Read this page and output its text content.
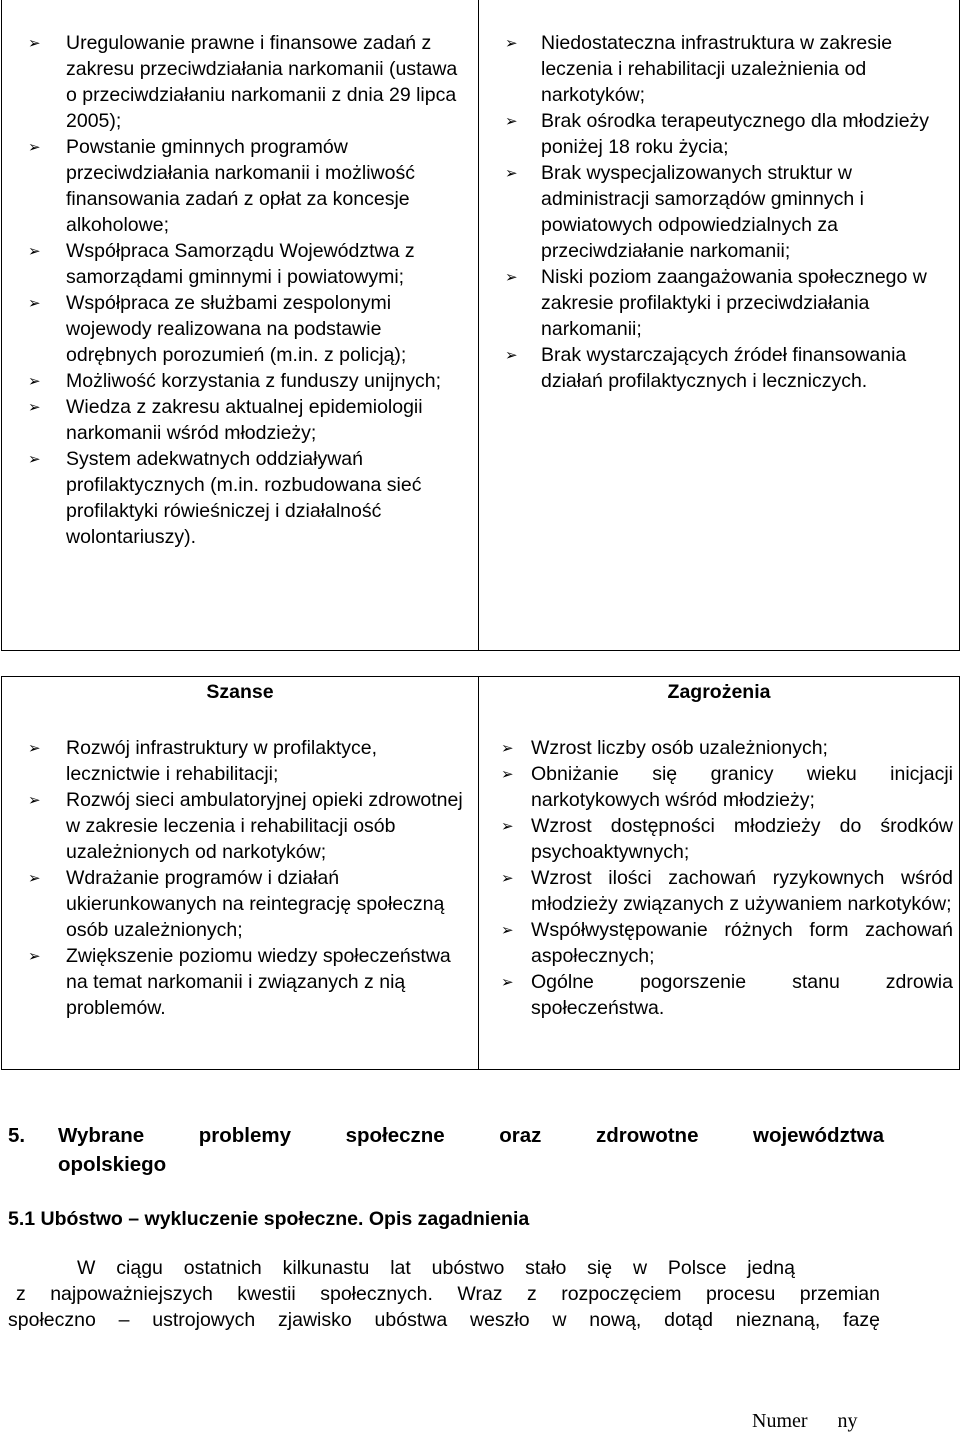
➢ Uregulowanie prawne i finansowe zadań z zakresu przeciwdziałania narkomanii (ustawa o przeciwdziałaniu narkomanii z dnia 29 lipca 2005);
➢ Powstanie gminnych programów przeciwdziałania narkomanii i możliwość finansowania zadań z opłat za koncesje alkoholowe;
➢ Współpraca Samorządu Województwa z samorządami gminnymi i powiatowymi;
➢ Współpraca ze służbami zespolonymi wojewody realizowana na podstawie odrębnych porozumień (m.in. z policją);
➢ Możliwość korzystania z funduszy unijnych;
➢ Wiedza z zakresu aktualnej epidemiologii narkomanii wśród młodzieży;
➢ System adekwatnych oddziaływań profilaktycznych (m.in. rozbudowana sieć profilaktyki rówieśniczej i działalność wolontariuszy).

➢ Niedostateczna infrastruktura w zakresie leczenia i rehabilitacji uzależnienia od narkotyków;
➢ Brak ośrodka terapeutycznego dla młodzieży poniżej 18 roku życia;
➢ Brak wyspecjalizowanych struktur w administracji samorządów gminnych i powiatowych odpowiedzialnych za przeciwdziałanie narkomanii;
➢ Niski poziom zaangażowania społecznego w zakresie profilaktyki i przeciwdziałania narkomanii;
➢ Brak wystarczających źródeł finansowania działań profilaktycznych i leczniczych.
Szanse
➢ Rozwój infrastruktury w profilaktyce, lecznictwie i rehabilitacji;
➢ Rozwój sieci ambulatoryjnej opieki zdrowotnej w zakresie leczenia i rehabilitacji osób uzależnionych od narkotyków;
➢ Wdrażanie programów i działań ukierunkowanych na reintegrację społeczną osób uzależnionych;
➢ Zwiększenie poziomu wiedzy społeczeństwa na temat narkomanii i związanych z nią problemów.

Zagrożenia
➢ Wzrost liczby osób uzależnionych;
➢ Obniżanie się granicy wieku inicjacji narkotykowych wśród młodzieży;
➢ Wzrost dostępności młodzieży do środków psychoaktywnych;
➢ Wzrost ilości zachowań ryzykownych wśród młodzieży związanych z używaniem narkotyków;
➢ Współwystępowanie różnych form zachowań aspołecznych;
➢ Ogólne pogorszenie stanu zdrowia społeczeństwa.
5.	Wybrane problemy społeczne oraz zdrowotne województwa
opolskiego
5.1 Ubóstwo – wykluczenie społeczne. Opis zagadnienia
W ciągu ostatnich kilkunastu lat ubóstwo stało się w Polsce jedną
z najpoważniejszych kwestii społecznych. Wraz z rozpoczęciem procesu przemian
społeczno – ustrojowych zjawisko ubóstwa weszło w nową, dotąd nieznaną, fazę
Numer ny
